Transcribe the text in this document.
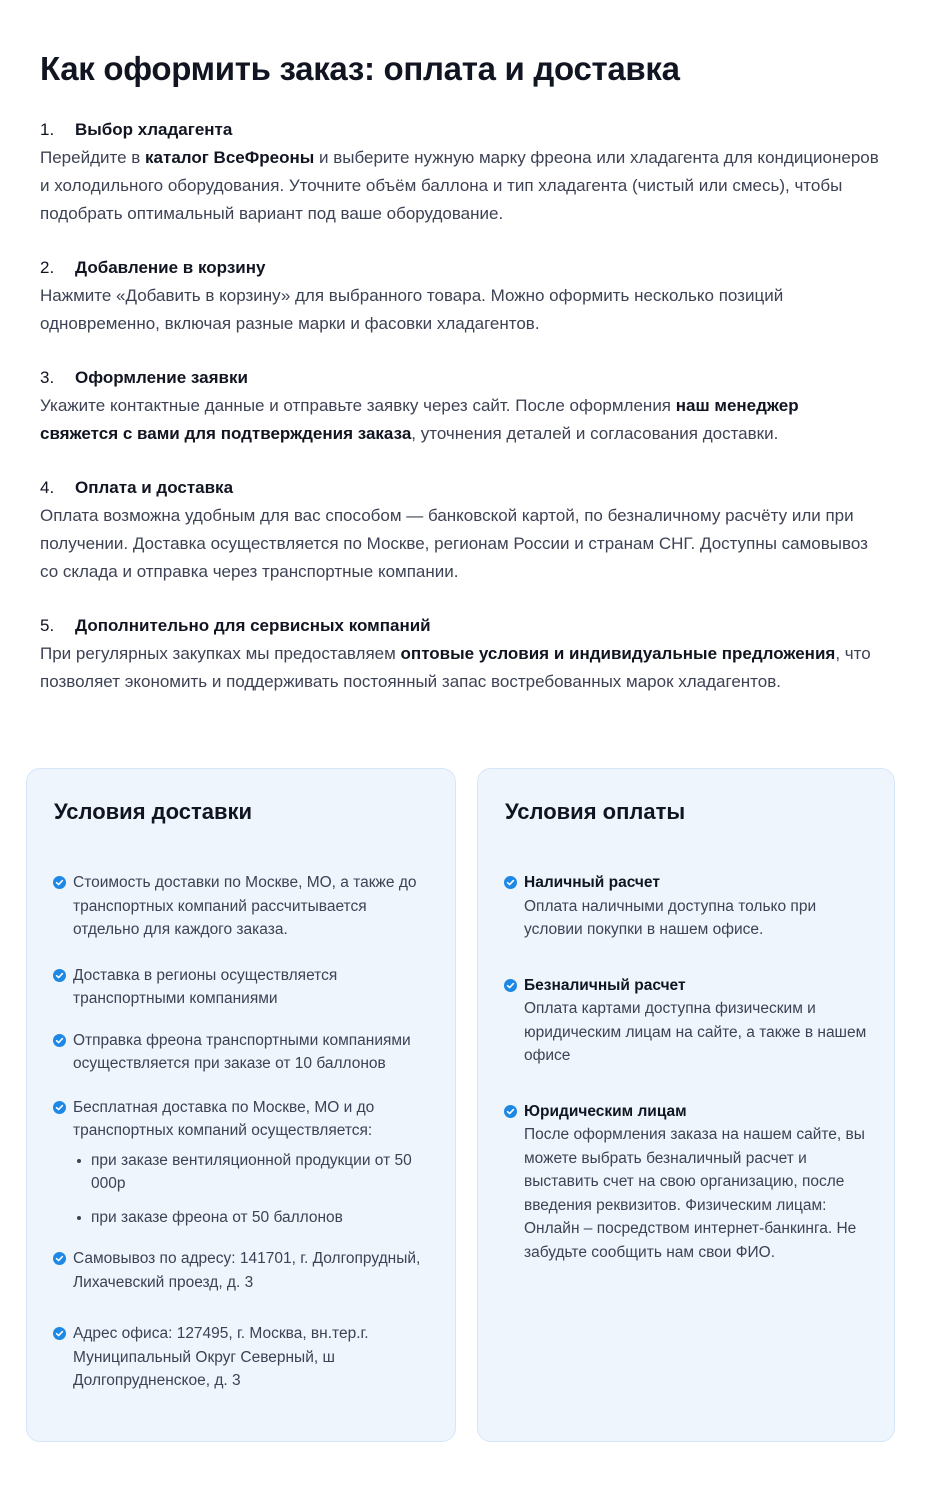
Как оформить заказ: оплата и доставка
1. Выбор хладагента
Перейдите в каталог ВсеФреоны и выберите нужную марку фреона или хладагента для кондиционеров и холодильного оборудования. Уточните объём баллона и тип хладагента (чистый или смесь), чтобы подобрать оптимальный вариант под ваше оборудование.
2. Добавление в корзину
Нажмите «Добавить в корзину» для выбранного товара. Можно оформить несколько позиций одновременно, включая разные марки и фасовки хладагентов.
3. Оформление заявки
Укажите контактные данные и отправьте заявку через сайт. После оформления наш менеджер свяжется с вами для подтверждения заказа, уточнения деталей и согласования доставки.
4. Оплата и доставка
Оплата возможна удобным для вас способом — банковской картой, по безналичному расчёту или при получении. Доставка осуществляется по Москве, регионам России и странам СНГ. Доступны самовывоз со склада и отправка через транспортные компании.
5. Дополнительно для сервисных компаний
При регулярных закупках мы предоставляем оптовые условия и индивидуальные предложения, что позволяет экономить и поддерживать постоянный запас востребованных марок хладагентов.
Условия доставки
Стоимость доставки по Москве, МО, а также до транспортных компаний рассчитывается отдельно для каждого заказа.
Доставка в регионы осуществляется транспортными компаниями
Отправка фреона транспортными компаниями осуществляется при заказе от 10 баллонов
Бесплатная доставка по Москве, МО и до транспортных компаний осуществляется:
при заказе вентиляционной продукции от 50 000р
при заказе фреона от 50 баллонов
Самовывоз по адресу: 141701, г. Долгопрудный, Лихачевский проезд, д. 3
Адрес офиса: 127495, г. Москва, вн.тер.г. Муниципальный Округ Северный, ш Долгопрудненское, д. 3
Условия оплаты
Наличный расчет
Оплата наличными доступна только при условии покупки в нашем офисе.
Безналичный расчет
Оплата картами доступна физическим и юридическим лицам на сайте, а также в нашем офисе
Юридическим лицам
После оформления заказа на нашем сайте, вы можете выбрать безналичный расчет и выставить счет на свою организацию, после введения реквизитов. Физическим лицам: Онлайн – посредством интернет-банкинга. Не забудьте сообщить нам свои ФИО.
